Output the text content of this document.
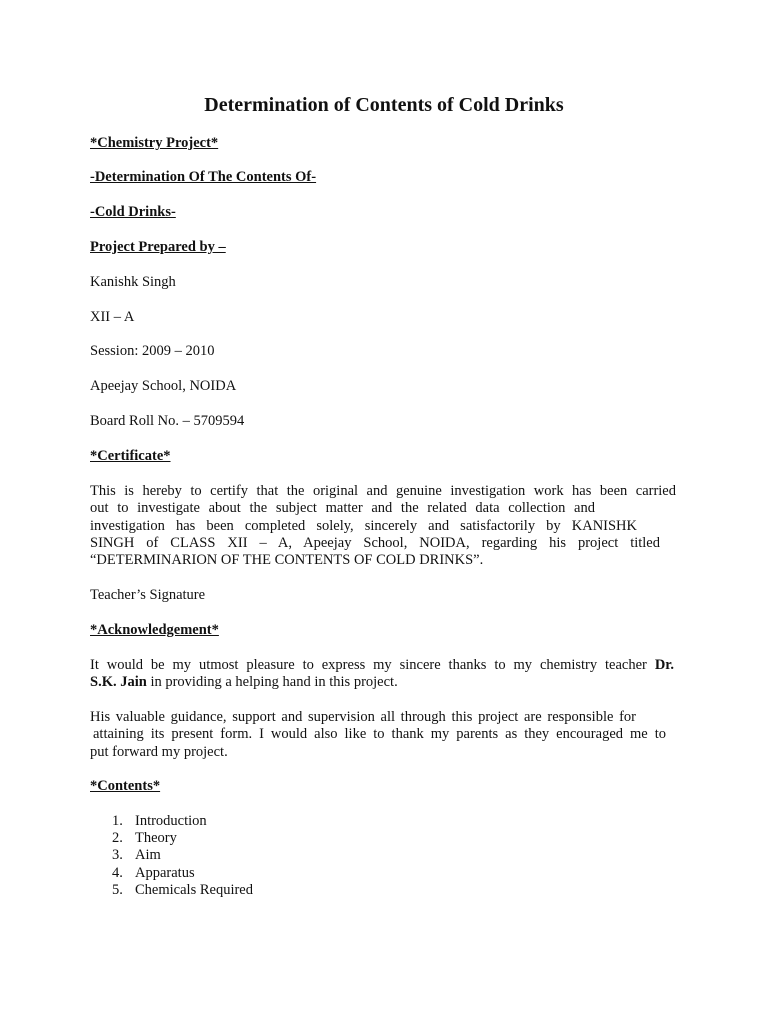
Determination of Contents of Cold Drinks

*Chemistry Project*

-Determination Of The Contents Of-

-Cold Drinks-

Project Prepared by –

Kanishk Singh

XII – A

Session: 2009 – 2010

Apeejay School, NOIDA

Board Roll No. – 5709594

*Certificate*

This is hereby to certify that the original and genuine investigation work has been carried
out to investigate about the subject matter and the related data collection and
investigation has been completed solely, sincerely and satisfactorily by KANISHK
SINGH of CLASS XII – A, Apeejay School, NOIDA, regarding his project titled
“DETERMINARION OF THE CONTENTS OF COLD DRINKS”.

Teacher’s Signature

*Acknowledgement*

It would be my utmost pleasure to express my sincere thanks to my chemistry teacher Dr.
S.K. Jain in providing a helping hand in this project.
His valuable guidance, support and supervision all through this project are responsible for
attaining its present form. I would also like to thank my parents as they encouraged me to
put forward my project.

*Contents*

1. Introduction
2. Theory
3. Aim
4. Apparatus
5. Chemicals Required
